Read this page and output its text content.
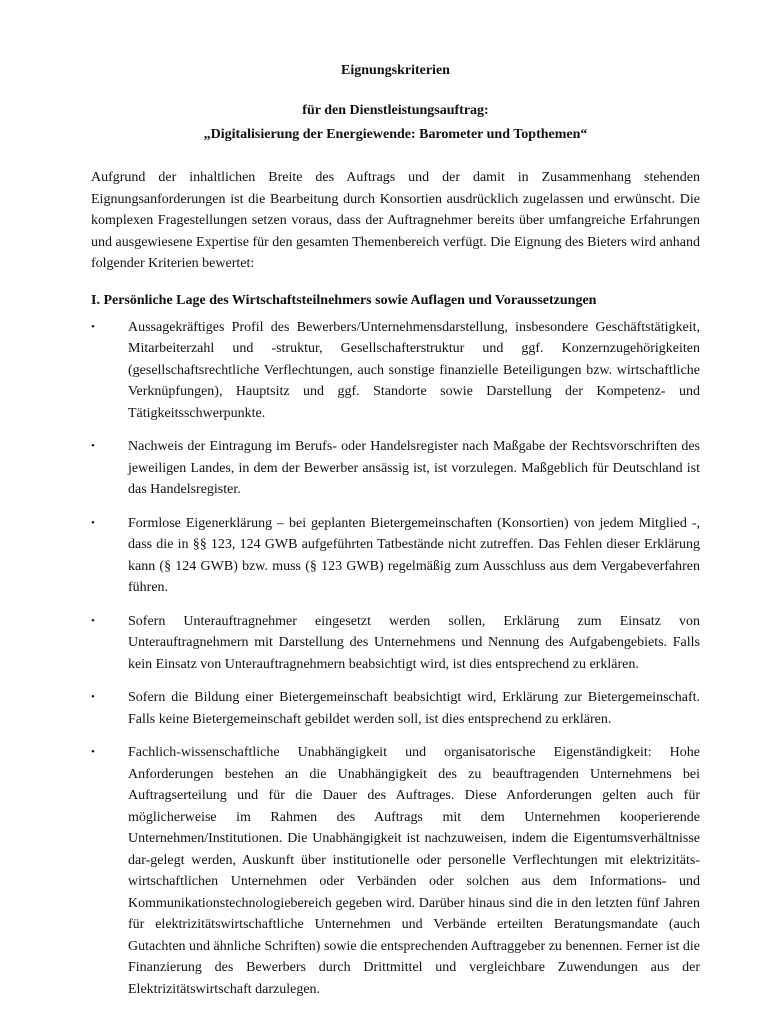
Eignungskriterien

für den Dienstleistungsauftrag:

„Digitalisierung der Energiewende: Barometer und Topthemen“

Aufgrund der inhaltlichen Breite des Auftrags und der damit in Zusammenhang stehenden Eignungsanforderungen ist die Bearbeitung durch Konsortien ausdrücklich zugelassen und erwünscht. Die komplexen Fragestellungen setzen voraus, dass der Auftragnehmer bereits über umfangreiche Erfahrungen und ausgewiesene Expertise für den gesamten Themenbereich verfügt. Die Eignung des Bieters wird anhand folgender Kriterien bewertet:

I. Persönliche Lage des Wirtschaftsteilnehmers sowie Auflagen und Voraussetzungen
• Aussagekräftiges Profil des Bewerbers/Unternehmensdarstellung, insbesondere Geschäftstätigkeit, Mitarbeiterzahl und -struktur, Gesellschafterstruktur und ggf. Konzernzugehörigkeiten (gesellschaftsrechtliche Verflechtungen, auch sonstige finanzielle Beteiligungen bzw. wirtschaftliche Verknüpfungen), Hauptsitz und ggf. Standorte sowie Darstellung der Kompetenz- und Tätigkeitsschwerpunkte.
• Nachweis der Eintragung im Berufs- oder Handelsregister nach Maßgabe der Rechtsvorschriften des jeweiligen Landes, in dem der Bewerber ansässig ist, ist vorzulegen. Maßgeblich für Deutschland ist das Handelsregister.
• Formlose Eigenerklärung – bei geplanten Bietergemeinschaften (Konsortien) von jedem Mitglied -, dass die in §§ 123, 124 GWB aufgeführten Tatbestände nicht zutreffen. Das Fehlen dieser Erklärung kann (§ 124 GWB) bzw. muss (§ 123 GWB) regelmäßig zum Ausschluss aus dem Vergabeverfahren führen.
• Sofern Unterauftragnehmer eingesetzt werden sollen, Erklärung zum Einsatz von Unterauftragnehmern mit Darstellung des Unternehmens und Nennung des Aufgabengebiets. Falls kein Einsatz von Unterauftragnehmern beabsichtigt wird, ist dies entsprechend zu erklären.
• Sofern die Bildung einer Bietergemeinschaft beabsichtigt wird, Erklärung zur Bietergemeinschaft. Falls keine Bietergemeinschaft gebildet werden soll, ist dies entsprechend zu erklären.
• Fachlich-wissenschaftliche Unabhängigkeit und organisatorische Eigenständigkeit: Hohe Anforderungen bestehen an die Unabhängigkeit des zu beauftragenden Unternehmens bei Auftragserteilung und für die Dauer des Auftrages. Diese Anforderungen gelten auch für möglicherweise im Rahmen des Auftrags mit dem Unternehmen kooperierende Unternehmen/Institutionen. Die Unabhängigkeit ist nachzuweisen, indem die Eigentumsverhältnisse dar-gelegt werden, Auskunft über institutionelle oder personelle Verflechtungen mit elektrizitäts-wirtschaftlichen Unternehmen oder Verbänden oder solchen aus dem Informations- und Kommunikationstechnologiebereich gegeben wird. Darüber hinaus sind die in den letzten fünf Jahren für elektrizitätswirtschaftliche Unternehmen und Verbände erteilten Beratungsmandate (auch Gutachten und ähnliche Schriften) sowie die entsprechenden Auftraggeber zu benennen. Ferner ist die Finanzierung des Bewerbers durch Drittmittel und vergleichbare Zuwendungen aus der Elektrizitätswirtschaft darzulegen.
